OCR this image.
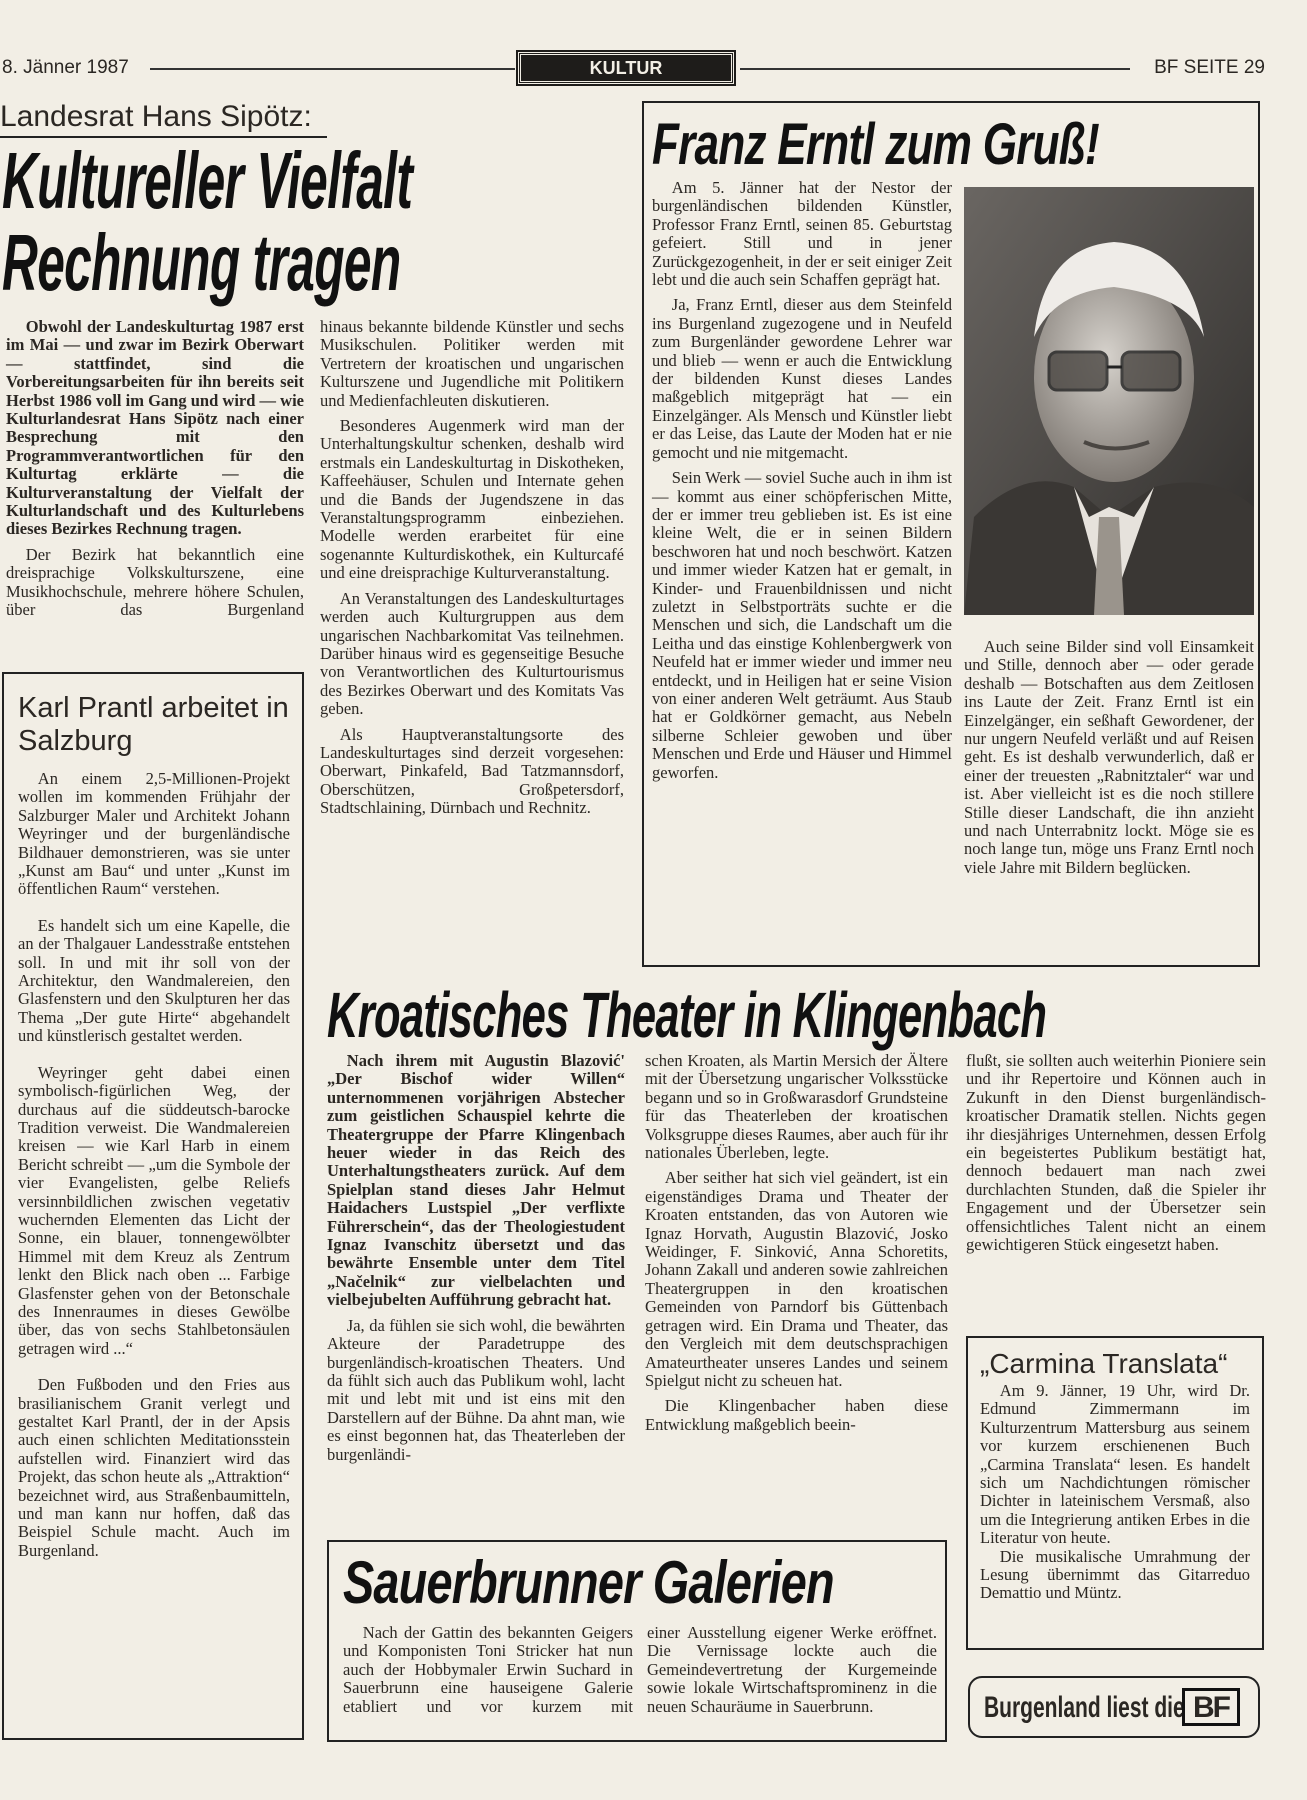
8. Jänner 1987	KULTUR	BF SEITE 29
Landesrat Hans Sipötz:
Kultureller Vielfalt
Rechnung tragen

Obwohl der Landeskulturtag 1987 erst im Mai — und zwar im Bezirk Oberwart — stattfindet, sind die Vorbereitungsarbeiten für ihn bereits seit Herbst 1986 voll im Gang und wird — wie Kulturlandesrat Hans Sipötz nach einer Besprechung mit den Programmverantwortlichen für den Kulturtag erklärte — die Kulturveranstaltung der Vielfalt der Kulturlandschaft und des Kulturlebens dieses Bezirkes Rechnung tragen.

Der Bezirk hat bekanntlich eine dreisprachige Volkskulturszene, eine Musikhochschule, mehrere höhere Schulen, über das Burgenland

hinaus bekannte bildende Künstler und sechs Musikschulen. Politiker werden mit Vertretern der kroatischen und ungarischen Kulturszene und Jugendliche mit Politikern und Medienfachleuten diskutieren.

Besonderes Augenmerk wird man der Unterhaltungskultur schenken, deshalb wird erstmals ein Landeskulturtag in Diskotheken, Kaffeehäuser, Schulen und Internate gehen und die Bands der Jugendszene in das Veranstaltungsprogramm einbeziehen. Modelle werden erarbeitet für eine sogenannte Kulturdiskothek, ein Kulturcafé und eine dreisprachige Kulturveranstaltung.

An Veranstaltungen des Landeskulturtages werden auch Kulturgruppen aus dem ungarischen Nachbarkomitat Vas teilnehmen. Darüber hinaus wird es gegenseitige Besuche von Verantwortlichen des Kulturtourismus des Bezirkes Oberwart und des Komitats Vas geben.

Als Hauptveranstaltungsorte des Landeskulturtages sind derzeit vorgesehen: Oberwart, Pinkafeld, Bad Tatzmannsdorf, Oberschützen, Großpetersdorf, Stadtschlaining, Dürnbach und Rechnitz.

Karl Prantl arbeitet in Salzburg

An einem 2,5-Millionen-Projekt wollen im kommenden Frühjahr der Salzburger Maler und Architekt Johann Weyringer und der burgenländische Bildhauer demonstrieren, was sie unter „Kunst am Bau“ und unter „Kunst im öffentlichen Raum“ verstehen.

Es handelt sich um eine Kapelle, die an der Thalgauer Landesstraße entstehen soll. In und mit ihr soll von der Architektur, den Wandmalereien, den Glasfenstern und den Skulpturen her das Thema „Der gute Hirte“ abgehandelt und künstlerisch gestaltet werden.

Weyringer geht dabei einen symbolisch-figürlichen Weg, der durchaus auf die süddeutsch-barocke Tradition verweist. Die Wandmalereien kreisen — wie Karl Harb in einem Bericht schreibt — „um die Symbole der vier Evangelisten, gelbe Reliefs versinnbildlichen zwischen vegetativ wuchernden Elementen das Licht der Sonne, ein blauer, tonnengewölbter Himmel mit dem Kreuz als Zentrum lenkt den Blick nach oben ... Farbige Glasfenster gehen von der Betonschale des Innenraumes in dieses Gewölbe über, das von sechs Stahlbetonsäulen getragen wird ...“

Den Fußboden und den Fries aus brasilianischem Granit verlegt und gestaltet Karl Prantl, der in der Apsis auch einen schlichten Meditationsstein aufstellen wird. Finanziert wird das Projekt, das schon heute als „Attraktion“ bezeichnet wird, aus Straßenbaumitteln, und man kann nur hoffen, daß das Beispiel Schule macht. Auch im Burgenland.

Franz Erntl zum Gruß!

Am 5. Jänner hat der Nestor der burgenländischen bildenden Künstler, Professor Franz Erntl, seinen 85. Geburtstag gefeiert. Still und in jener Zurückgezogenheit, in der er seit einiger Zeit lebt und die auch sein Schaffen geprägt hat.

Ja, Franz Erntl, dieser aus dem Steinfeld ins Burgenland zugezogene und in Neufeld zum Burgenländer gewordene Lehrer war und blieb — wenn er auch die Entwicklung der bildenden Kunst dieses Landes maßgeblich mitgeprägt hat — ein Einzelgänger. Als Mensch und Künstler liebt er das Leise, das Laute der Moden hat er nie gemocht und nie mitgemacht.

Sein Werk — soviel Suche auch in ihm ist — kommt aus einer schöpferischen Mitte, der er immer treu geblieben ist. Es ist eine kleine Welt, die er in seinen Bildern beschworen hat und noch beschwört. Katzen und immer wieder Katzen hat er gemalt, in Kinder- und Frauenbildnissen und nicht zuletzt in Selbstporträts suchte er die Menschen und sich, die Landschaft um die Leitha und das einstige Kohlenbergwerk von Neufeld hat er immer wieder und immer neu entdeckt, und in Heiligen hat er seine Vision von einer anderen Welt geträumt. Aus Staub hat er Goldkörner gemacht, aus Nebeln silberne Schleier gewoben und über Menschen und Erde und Häuser und Himmel geworfen.

Auch seine Bilder sind voll Einsamkeit und Stille, dennoch aber — oder gerade deshalb — Botschaften aus dem Zeitlosen ins Laute der Zeit. Franz Erntl ist ein Einzelgänger, ein seßhaft Gewordener, der nur ungern Neufeld verläßt und auf Reisen geht. Es ist deshalb verwunderlich, daß er einer der treuesten „Rabnitztaler“ war und ist. Aber vielleicht ist es die noch stillere Stille dieser Landschaft, die ihn anzieht und nach Unterrabnitz lockt. Möge sie es noch lange tun, möge uns Franz Erntl noch viele Jahre mit Bildern beglücken.

Kroatisches Theater in Klingenbach

Nach ihrem mit Augustin Blazović' „Der Bischof wider Willen“ unternommenen vorjährigen Abstecher zum geistlichen Schauspiel kehrte die Theatergruppe der Pfarre Klingenbach heuer wieder in das Reich des Unterhaltungstheaters zurück. Auf dem Spielplan stand dieses Jahr Helmut Haidachers Lustspiel „Der verflixte Führerschein“, das der Theologiestudent Ignaz Ivanschitz übersetzt und das bewährte Ensemble unter dem Titel „Načelnik“ zur vielbelachten und vielbejubelten Aufführung gebracht hat.

Ja, da fühlen sie sich wohl, die bewährten Akteure der Paradetruppe des burgenländisch-kroatischen Theaters. Und da fühlt sich auch das Publikum wohl, lacht mit und lebt mit und ist eins mit den Darstellern auf der Bühne. Da ahnt man, wie es einst begonnen hat, das Theaterleben der burgenländi-

schen Kroaten, als Martin Mersich der Ältere mit der Übersetzung ungarischer Volksstücke begann und so in Großwarasdorf Grundsteine für das Theaterleben der kroatischen Volksgruppe dieses Raumes, aber auch für ihr nationales Überleben, legte.

Aber seither hat sich viel geändert, ist ein eigenständiges Drama und Theater der Kroaten entstanden, das von Autoren wie Ignaz Horvath, Augustin Blazović, Josko Weidinger, F. Sinković, Anna Schoretits, Johann Zakall und anderen sowie zahlreichen Theatergruppen in den kroatischen Gemeinden von Parndorf bis Güttenbach getragen wird. Ein Drama und Theater, das den Vergleich mit dem deutschsprachigen Amateurtheater unseres Landes und seinem Spielgut nicht zu scheuen hat.

Die Klingenbacher haben diese Entwicklung maßgeblich beein-

flußt, sie sollten auch weiterhin Pioniere sein und ihr Repertoire und Können auch in Zukunft in den Dienst burgenländisch-kroatischer Dramatik stellen. Nichts gegen ihr diesjähriges Unternehmen, dessen Erfolg ein begeistertes Publikum bestätigt hat, dennoch bedauert man nach zwei durchlachten Stunden, daß die Spieler ihr Engagement und der Übersetzer sein offensichtliches Talent nicht an einem gewichtigeren Stück eingesetzt haben.

„Carmina Translata“

Am 9. Jänner, 19 Uhr, wird Dr. Edmund Zimmermann im Kulturzentrum Mattersburg aus seinem vor kurzem erschienenen Buch „Carmina Translata“ lesen. Es handelt sich um Nachdichtungen römischer Dichter in lateinischem Versmaß, also um die Integrierung antiken Erbes in die Literatur von heute.

Die musikalische Umrahmung der Lesung übernimmt das Gitarreduo Demattio und Müntz.

Burgenland liest die BF
Sauerbrunner Galerien

Nach der Gattin des bekannten Geigers und Komponisten Toni Stricker hat nun auch der Hobbymaler Erwin Suchard in Sauerbrunn eine hauseigene Galerie etabliert und vor kurzem mit

einer Ausstellung eigener Werke eröffnet. Die Vernissage lockte auch die Gemeindevertretung der Kurgemeinde sowie lokale Wirtschaftsprominenz in die neuen Schauräume in Sauerbrunn.
